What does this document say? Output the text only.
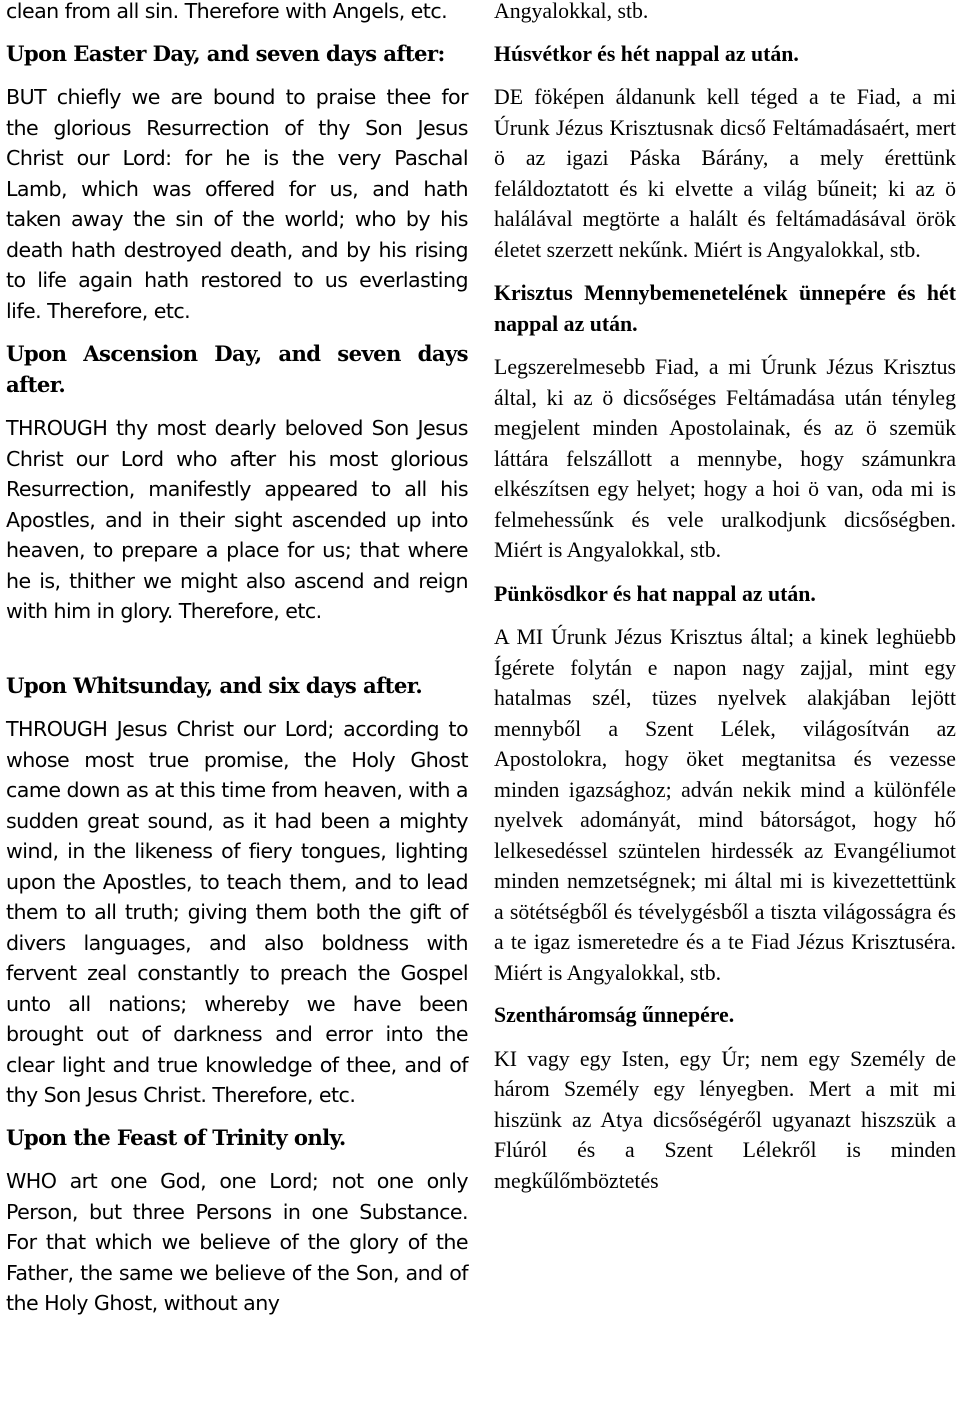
clean from all sin. Therefore with Angels, etc.

Upon Easter Day, and seven days after:

BUT chiefly we are bound to praise thee for the glorious Resurrection of thy Son Jesus Christ our Lord: for he is the very Paschal Lamb, which was offered for us, and hath taken away the sin of the world; who by his death hath destroyed death, and by his rising to life again hath restored to us everlasting life. Therefore, etc.

Upon Ascension Day, and seven days after.

THROUGH thy most dearly beloved Son Jesus Christ our Lord who after his most glorious Resurrection, manifestly appeared to all his Apostles, and in their sight ascended up into heaven, to prepare a place for us; that where he is, thither we might also ascend and reign with him in glory. Therefore, etc.

Upon Whitsunday, and six days after.

THROUGH Jesus Christ our Lord; according to whose most true promise, the Holy Ghost came down as at this time from heaven, with a sudden great sound, as it had been a mighty wind, in the likeness of fiery tongues, lighting upon the Apostles, to teach them, and to lead them to all truth; giving them both the gift of divers languages, and also boldness with fervent zeal constantly to preach the Gospel unto all nations; whereby we have been brought out of darkness and error into the clear light and true knowledge of thee, and of thy Son Jesus Christ. Therefore, etc.

Upon the Feast of Trinity only.

WHO art one God, one Lord; not one only Person, but three Persons in one Substance. For that which we believe of the glory of the Father, the same we believe of the Son, and of the Holy Ghost, without any

Angyalokkal, stb.

Húsvétkor és hét nappal az után.

DE föképen áldanunk kell téged a te Fiad, a mi Úrunk Jézus Krisztusnak dicső Feltámadásaért, mert ö az igazi Páska Bárány, a mely érettünk feláldoztatott és ki elvette a világ bűneit; ki az ö halálával megtörte a halált és feltámadásával örök életet szerzett nekűnk. Miért is Angyalokkal, stb.

Krisztus Mennybemenetelének ünnepére és hét nappal az után.

Legszerelmesebb Fiad, a mi Úrunk Jézus Krisztus által, ki az ö dicsőséges Feltámadása után tényleg megjelent minden Apostolainak, és az ö szemük láttára felszállott a mennybe, hogy számunkra elkészítsen egy helyet; hogy a hoi ö van, oda mi is felmehessűnk és vele uralkodjunk dicsőségben. Miért is Angyalokkal, stb.

Pünkösdkor és hat nappal az után.

A MI Úrunk Jézus Krisztus által; a kinek leghüebb Ígérete folytán e napon nagy zajjal, mint egy hatalmas szél, tüzes nyelvek alakjában lejött mennyből a Szent Lélek, világosítván az Apostolokra, hogy öket megtanitsa és vezesse minden igazsághoz; adván nekik mind a különféle nyelvek adományát, mind bátorságot, hogy hő lelkesedéssel szüntelen hirdessék az Evangéliumot minden nemzetségnek; mi által mi is kivezettettünk a sötétségből és tévelygésből a tiszta világosságra és a te igaz ismeretedre és a te Fiad Jézus Krisztuséra. Miért is Angyalokkal, stb.

Szentháromság űnnepére.

KI vagy egy Isten, egy Úr; nem egy Személy de három Személy egy lényegben. Mert a mit mi hiszünk az Atya dicsőségéről ugyanazt hiszszük a Flúról és a Szent Lélekről is minden megkűlőmböztetés
